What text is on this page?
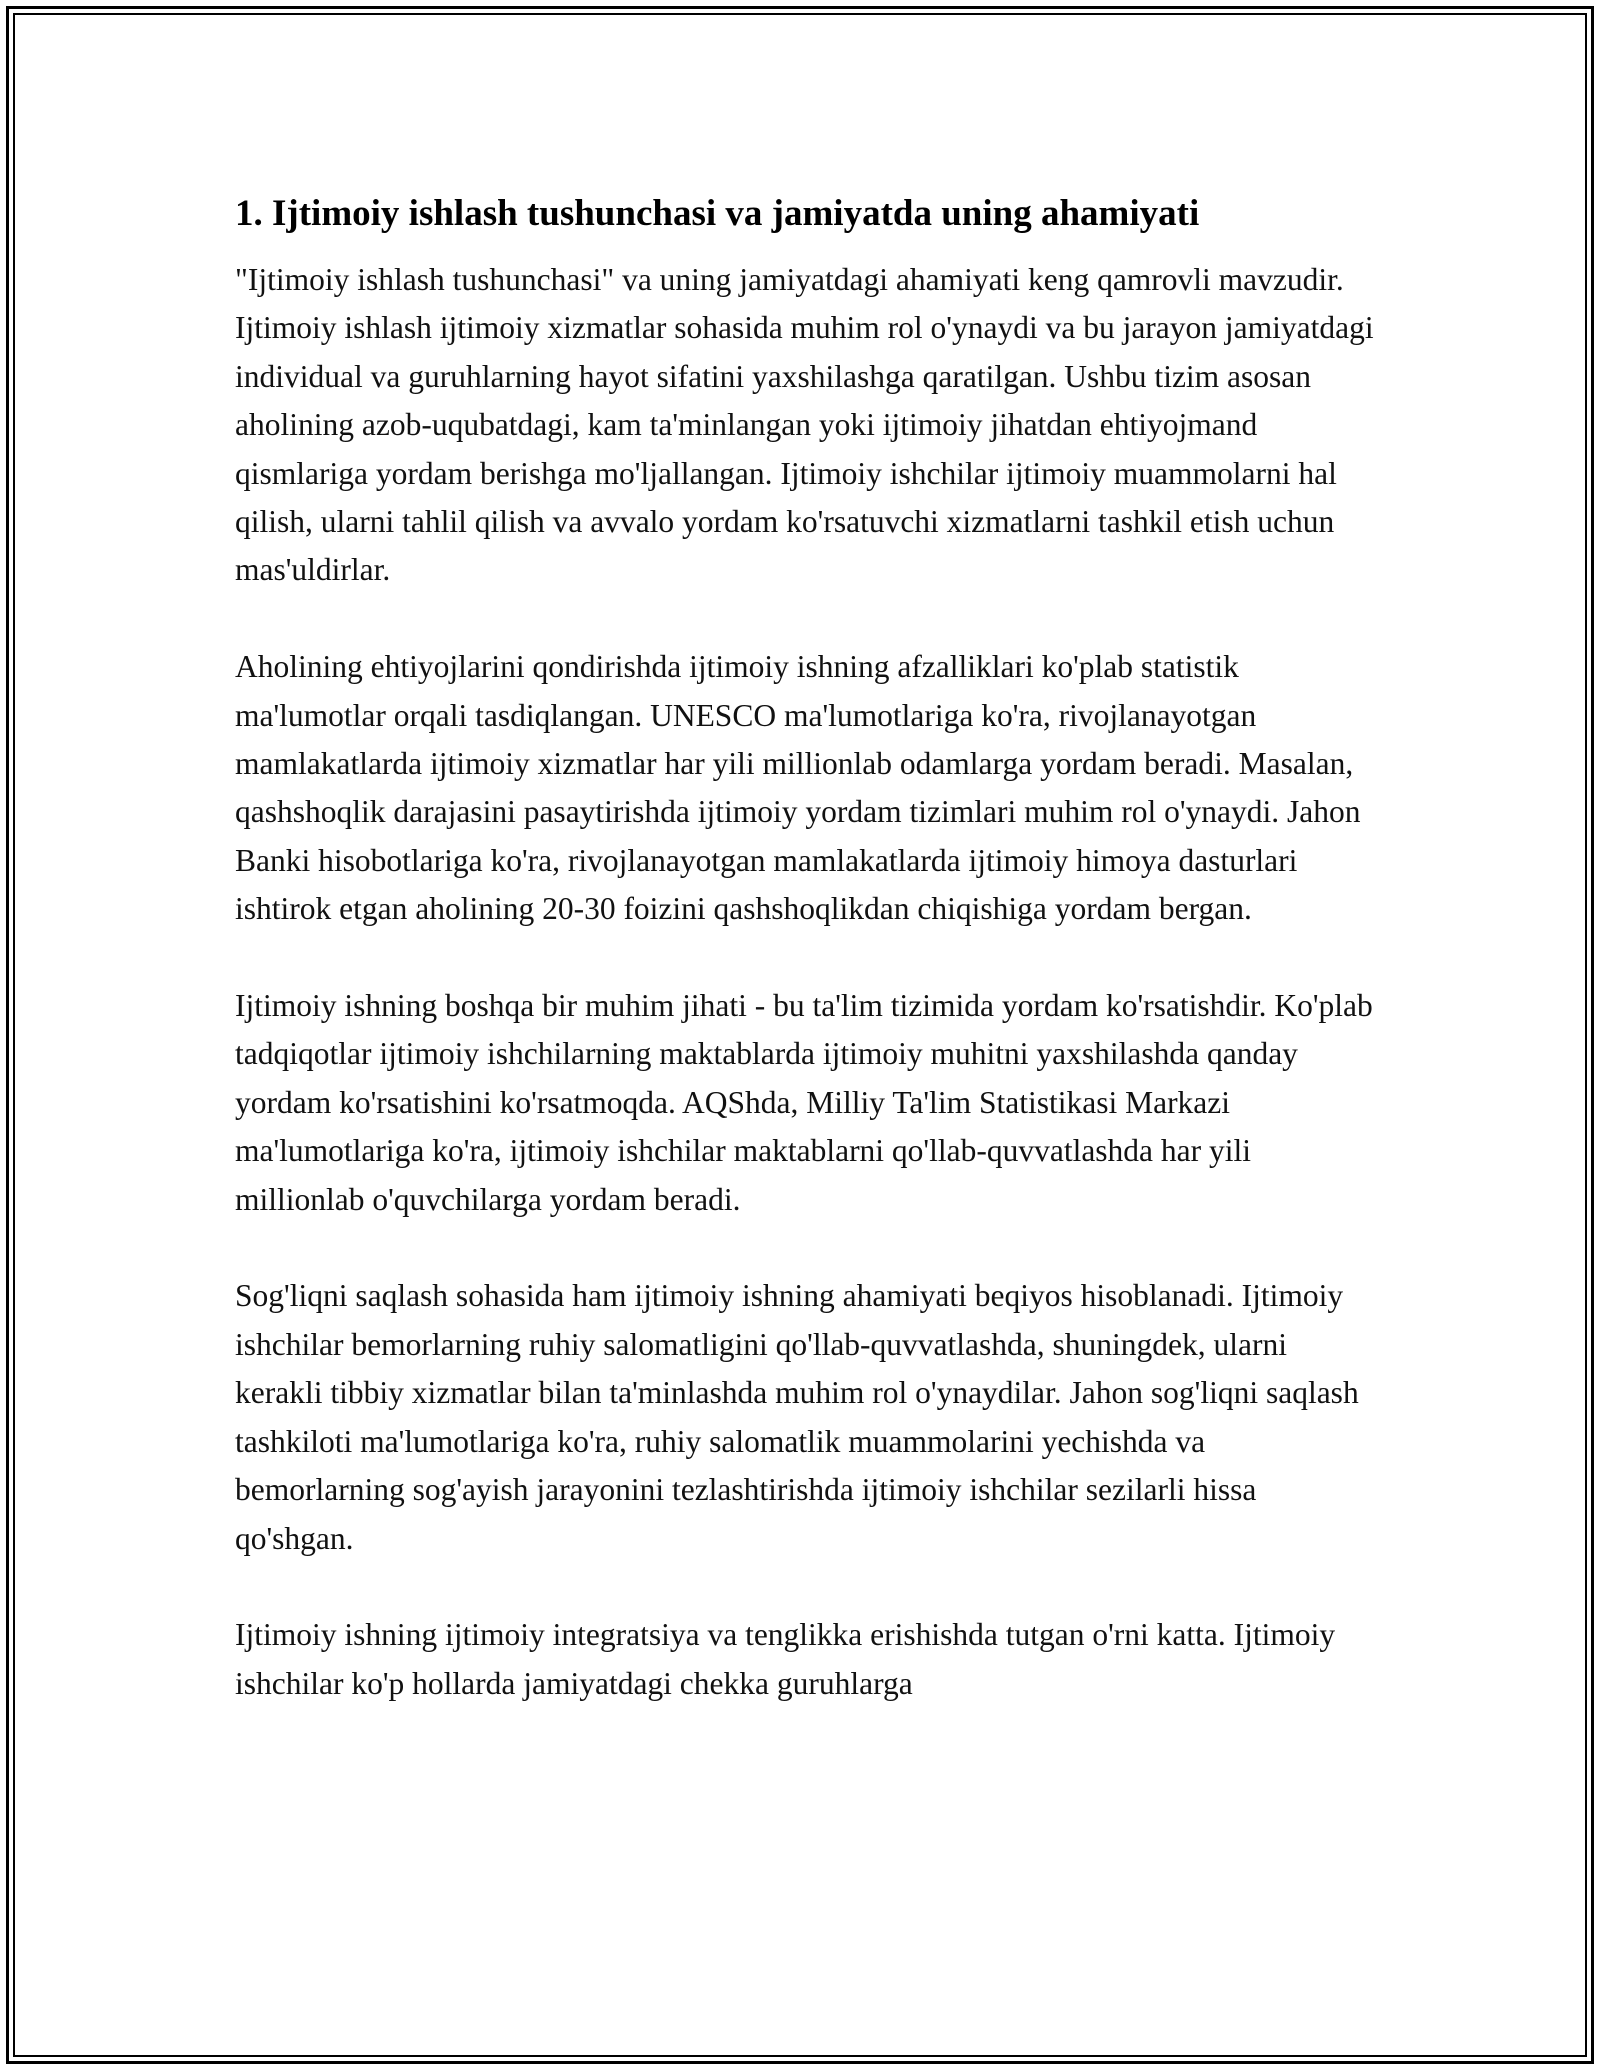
1. Ijtimoiy ishlash tushunchasi va jamiyatda uning ahamiyati

"Ijtimoiy ishlash tushunchasi" va uning jamiyatdagi ahamiyati keng qamrovli mavzudir. Ijtimoiy ishlash ijtimoiy xizmatlar sohasida muhim rol o'ynaydi va bu jarayon jamiyatdagi individual va guruhlarning hayot sifatini yaxshilashga qaratilgan. Ushbu tizim asosan aholining azob-uqubatdagi, kam ta'minlangan yoki ijtimoiy jihatdan ehtiyojmand qismlariga yordam berishga mo'ljallangan. Ijtimoiy ishchilar ijtimoiy muammolarni hal qilish, ularni tahlil qilish va avvalo yordam ko'rsatuvchi xizmatlarni tashkil etish uchun mas'uldirlar.

Aholining ehtiyojlarini qondirishda ijtimoiy ishning afzalliklari ko'plab statistik ma'lumotlar orqali tasdiqlangan. UNESCO ma'lumotlariga ko'ra, rivojlanayotgan mamlakatlarda ijtimoiy xizmatlar har yili millionlab odamlarga yordam beradi. Masalan, qashshoqlik darajasini pasaytirishda ijtimoiy yordam tizimlari muhim rol o'ynaydi. Jahon Banki hisobotlariga ko'ra, rivojlanayotgan mamlakatlarda ijtimoiy himoya dasturlari ishtirok etgan aholining 20-30 foizini qashshoqlikdan chiqishiga yordam bergan.

Ijtimoiy ishning boshqa bir muhim jihati - bu ta'lim tizimida yordam ko'rsatishdir. Ko'plab tadqiqotlar ijtimoiy ishchilarning maktablarda ijtimoiy muhitni yaxshilashda qanday yordam ko'rsatishini ko'rsatmoqda. AQShda, Milliy Ta'lim Statistikasi Markazi ma'lumotlariga ko'ra, ijtimoiy ishchilar maktablarni qo'llab-quvvatlashda har yili millionlab o'quvchilarga yordam beradi.

Sog'liqni saqlash sohasida ham ijtimoiy ishning ahamiyati beqiyos hisoblanadi. Ijtimoiy ishchilar bemorlarning ruhiy salomatligini qo'llab-quvvatlashda, shuningdek, ularni kerakli tibbiy xizmatlar bilan ta'minlashda muhim rol o'ynaydilar. Jahon sog'liqni saqlash tashkiloti ma'lumotlariga ko'ra, ruhiy salomatlik muammolarini yechishda va bemorlarning sog'ayish jarayonini tezlashtirishda ijtimoiy ishchilar sezilarli hissa qo'shgan.

Ijtimoiy ishning ijtimoiy integratsiya va tenglikka erishishda tutgan o'rni katta. Ijtimoiy ishchilar ko'p hollarda jamiyatdagi chekka guruhlarga
